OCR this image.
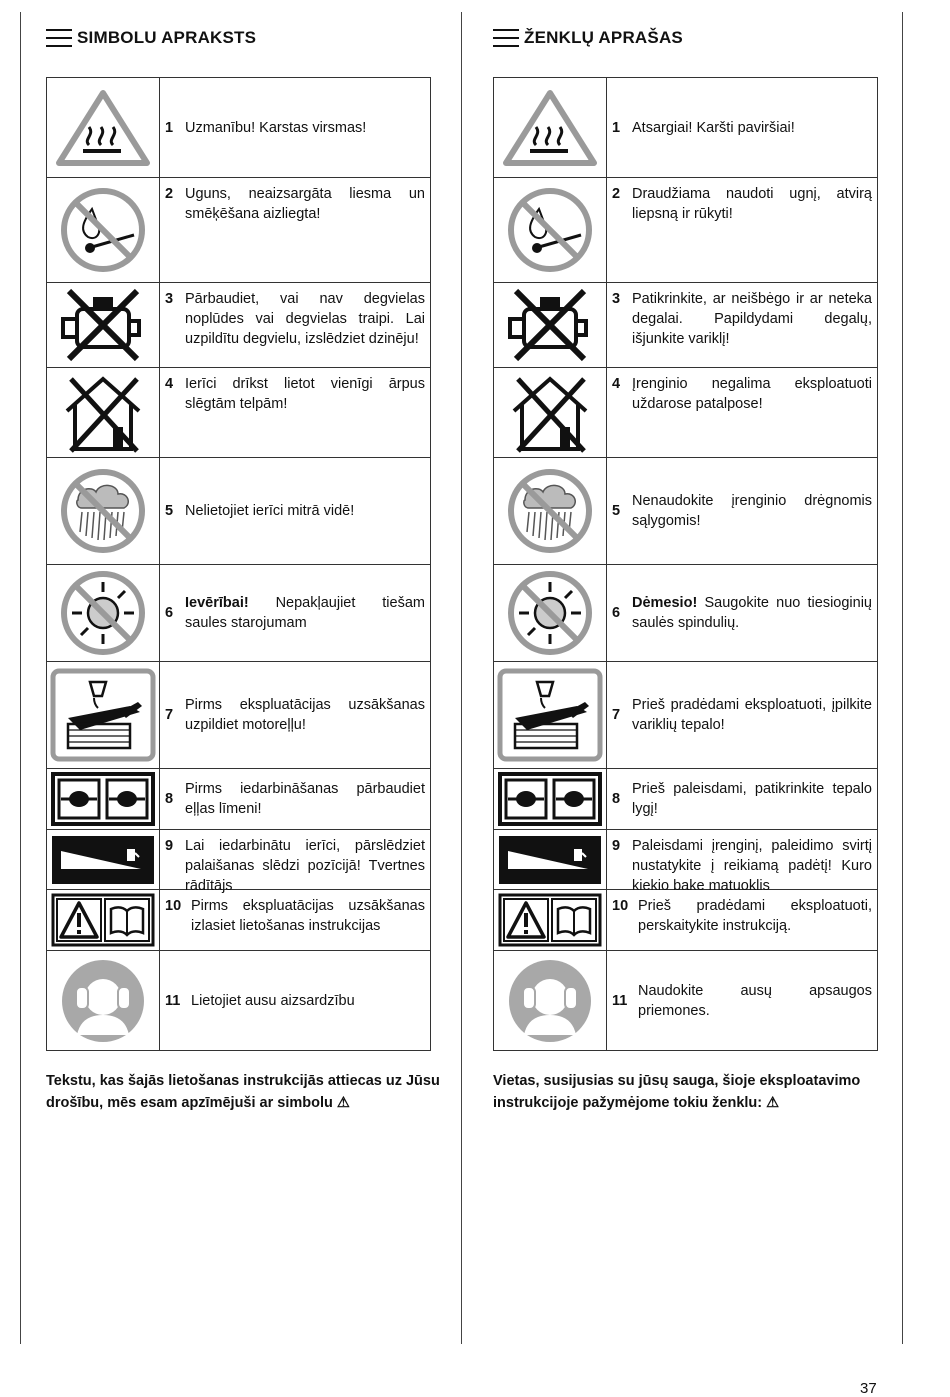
SIMBOLU APRAKSTS
1 Uzmanību! Karstas virsmas!
2 Uguns, neaizsargāta liesma un smēķēšana aizliegta!
3 Pārbaudiet, vai nav degvielas noplūdes vai degvielas traipi. Lai uzpildītu degvielu, izslēdziet dzinēju!
4 Ierīci drīkst lietot vienīgi ārpus slēgtām telpām!
5 Nelietojiet ierīci mitrā vidē!
6
Ievērībai! Nepakļaujiet tiešam saules starojumam
7
Pirms ekspluatācijas uzsākšanas uzpildiet motoreļļu!
8
Pirms iedarbināšanas pārbaudiet eļļas līmeni!
9 Lai iedarbinātu ierīci, pārslēdziet palaišanas slēdzi pozīcijā! Tvertnes rādītājs
10 Pirms ekspluatācijas uzsākšanas izlasiet lietošanas instrukcijas
11 Lietojiet ausu aizsardzību
Tekstu, kas šajās lietošanas instrukcijās attiecas uz Jūsu drošību, mēs esam apzīmējuši ar simbolu ⚠
ŽENKLŲ APRAŠAS
1 Atsargiai! Karšti paviršiai!
2 Draudžiama naudoti ugnį, atvirą liepsną ir rūkyti!
3 Patikrinkite, ar neišbėgo ir ar neteka degalai. Papildydami degalų, išjunkite variklį!
4 Įrenginio negalima eksploatuoti uždarose patalpose!
5
Nenaudokite įrenginio drėgnomis sąlygomis!
6
Dėmesio! Saugokite nuo tiesioginių saulės spindulių.
7
Prieš pradėdami eksploatuoti, įpilkite variklių tepalo!
8
Prieš paleisdami, patikrinkite tepalo lygį!
9 Paleisdami įrenginį, paleidimo svirtį nustatykite į reikiamą padėtį! Kuro kiekio bake matuoklis
10 Prieš pradėdami eksploatuoti, perskaitykite instrukciją.
11
Naudokite ausų apsaugos priemones.
Vietas, susijusias su jūsų sauga, šioje eksploatavimo instrukcijoje pažymėjome tokiu ženklu: ⚠
37
